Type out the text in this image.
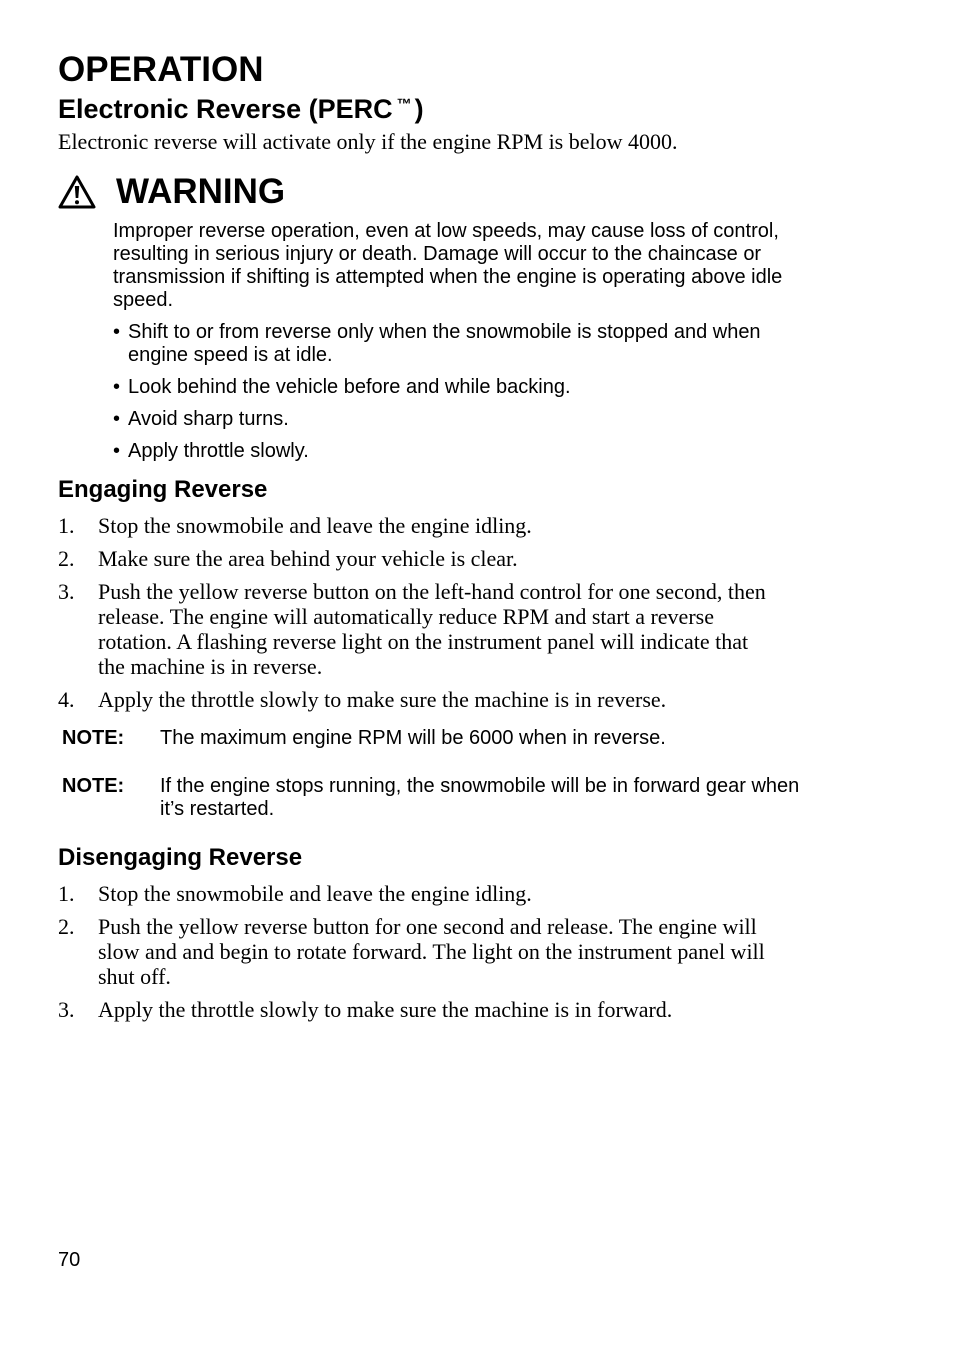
OPERATION
Electronic Reverse (PERC ™ )

Electronic reverse will activate only if the engine RPM is below 4000.

WARNING

Improper reverse operation, even at low speeds, may cause loss of control, resulting in serious injury or death. Damage will occur to the chaincase or transmission if shifting is attempted when the engine is operating above idle speed.

• Shift to or from reverse only when the snowmobile is stopped and when engine speed is at idle.

• Look behind the vehicle before and while backing.

• Avoid sharp turns.

• Apply throttle slowly.

Engaging Reverse
1. Stop the snowmobile and leave the engine idling.
2. Make sure the area behind your vehicle is clear.
3. Push the yellow reverse button on the left-hand control for one second, then release. The engine will automatically reduce RPM and start a reverse rotation. A flashing reverse light on the instrument panel will indicate that the machine is in reverse.
4. Apply the throttle slowly to make sure the machine is in reverse.
NOTE: The maximum engine RPM will be 6000 when in reverse.
NOTE: If the engine stops running, the snowmobile will be in forward gear when it’s restarted.
Disengaging Reverse
1. Stop the snowmobile and leave the engine idling.
2. Push the yellow reverse button for one second and release. The engine will slow and and begin to rotate forward. The light on the instrument panel will shut off.
3. Apply the throttle slowly to make sure the machine is in forward.
70
